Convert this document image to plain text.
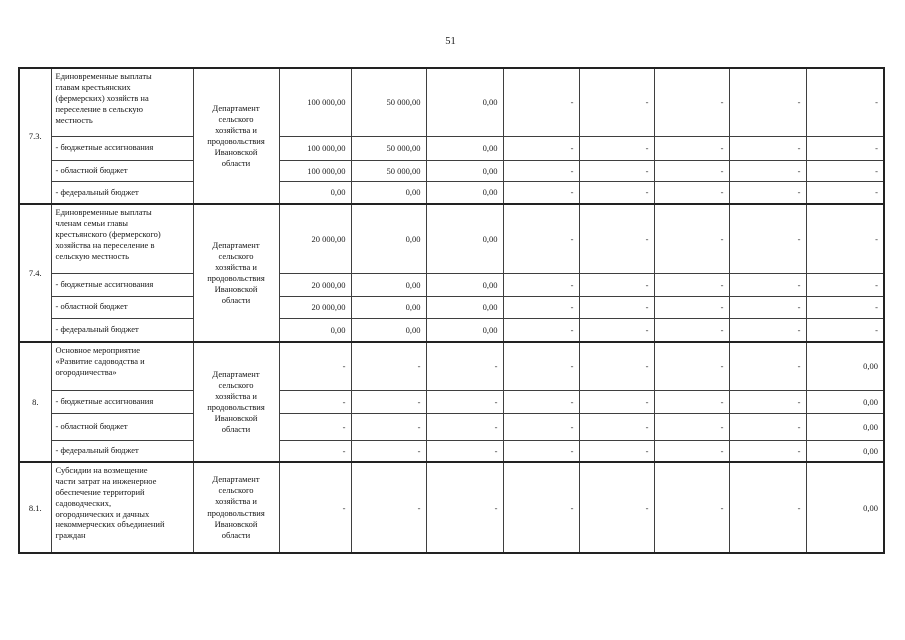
51
7.3.	Единовременные выплаты главам крестьянских (фермерских) хозяйств на переселение в сельскую местность	Департамент сельского хозяйства и продовольствия Ивановской области	100 000,00	50 000,00	0,00	-	-	-	-	-
	- бюджетные ассигнования		100 000,00	50 000,00	0,00	-	-	-	-	-
	- областной бюджет		100 000,00	50 000,00	0,00	-	-	-	-	-
	- федеральный бюджет		0,00	0,00	0,00	-	-	-	-	-
7.4.	Единовременные выплаты членам семьи главы крестьянского (фермерского) хозяйства на переселение в сельскую местность	Департамент сельского хозяйства и продовольствия Ивановской области	20 000,00	0,00	0,00	-	-	-	-	-
	- бюджетные ассигнования		20 000,00	0,00	0,00	-	-	-	-	-
	- областной бюджет		20 000,00	0,00	0,00	-	-	-	-	-
	- федеральный бюджет		0,00	0,00	0,00	-	-	-	-	-
8.	Основное мероприятие «Развитие садоводства и огородничества»	Департамент сельского хозяйства и продовольствия Ивановской области	-	-	-	-	-	-	-	0,00
	- бюджетные ассигнования		-	-	-	-	-	-	-	0,00
	- областной бюджет		-	-	-	-	-	-	-	0,00
	- федеральный бюджет		-	-	-	-	-	-	-	0,00
8.1.	Субсидии на возмещение части затрат на инженерное обеспечение территорий садоводческих, огороднических и дачных некоммерческих объединений граждан	Департамент сельского хозяйства и продовольствия Ивановской области	-	-	-	-	-	-	-	0,00
